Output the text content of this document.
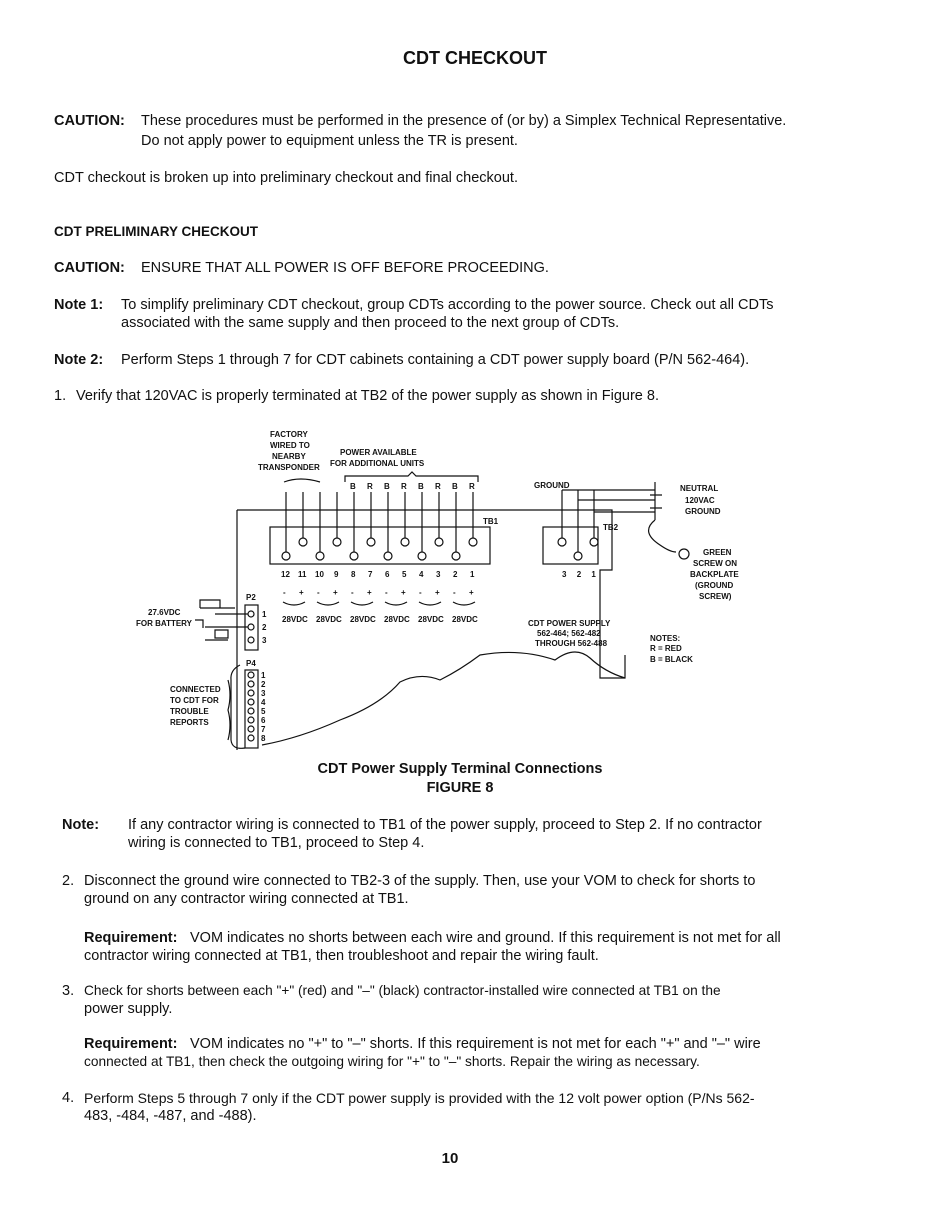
CDT CHECKOUT
CAUTION: These procedures must be performed in the presence of (or by) a Simplex Technical Representative.
Do not apply power to equipment unless the TR is present.
CDT checkout is broken up into preliminary checkout and final checkout.
CDT PRELIMINARY CHECKOUT
CAUTION: ENSURE THAT ALL POWER IS OFF BEFORE PROCEEDING.
Note 1: To simplify preliminary CDT checkout, group CDTs according to the power source. Check out all CDTs
associated with the same supply and then proceed to the next group of CDTs.
Note 2: Perform Steps 1 through 7 for CDT cabinets containing a CDT power supply board (P/N 562-464).
1. Verify that 120VAC is properly terminated at TB2 of the power supply as shown in Figure 8.
FACTORY
WIRED TO
NEARBY
TRANSPONDER
POWER AVAILABLE
FOR ADDITIONAL UNITS
B R B R B R B R
TB1
12 11 10 9 8 7 6 5 4 3 2 1
- + - + - + - + - + - +
28VDC 28VDC 28VDC 28VDC 28VDC 28VDC
TB2
GROUND
3 2 1
NEUTRAL
120VAC
GROUND
GREEN
SCREW ON
BACKPLATE
(GROUND
SCREW)
CDT POWER SUPPLY
562-464; 562-482
THROUGH 562-488
NOTES:
R = RED
B = BLACK
P2
1
2
3
27.6VDC
FOR BATTERY
P4
1
2
3
4
5
6
7
8
CONNECTED
TO CDT FOR
TROUBLE
REPORTS
CDT Power Supply Terminal Connections
FIGURE 8
Note: If any contractor wiring is connected to TB1 of the power supply, proceed to Step 2. If no contractor
wiring is connected to TB1, proceed to Step 4.
2. Disconnect the ground wire connected to TB2-3 of the supply. Then, use your VOM to check for shorts to
ground on any contractor wiring connected at TB1.
Requirement: VOM indicates no shorts between each wire and ground. If this requirement is not met for all
contractor wiring connected at TB1, then troubleshoot and repair the wiring fault.
3. Check for shorts between each "+" (red) and "–" (black) contractor-installed wire connected at TB1 on the
power supply.
Requirement: VOM indicates no "+" to "–" shorts. If this requirement is not met for each "+" and "–" wire
connected at TB1, then check the outgoing wiring for "+" to "–" shorts. Repair the wiring as necessary.
4. Perform Steps 5 through 7 only if the CDT power supply is provided with the 12 volt power option (P/Ns 562-
483, -484, -487, and -488).
10
